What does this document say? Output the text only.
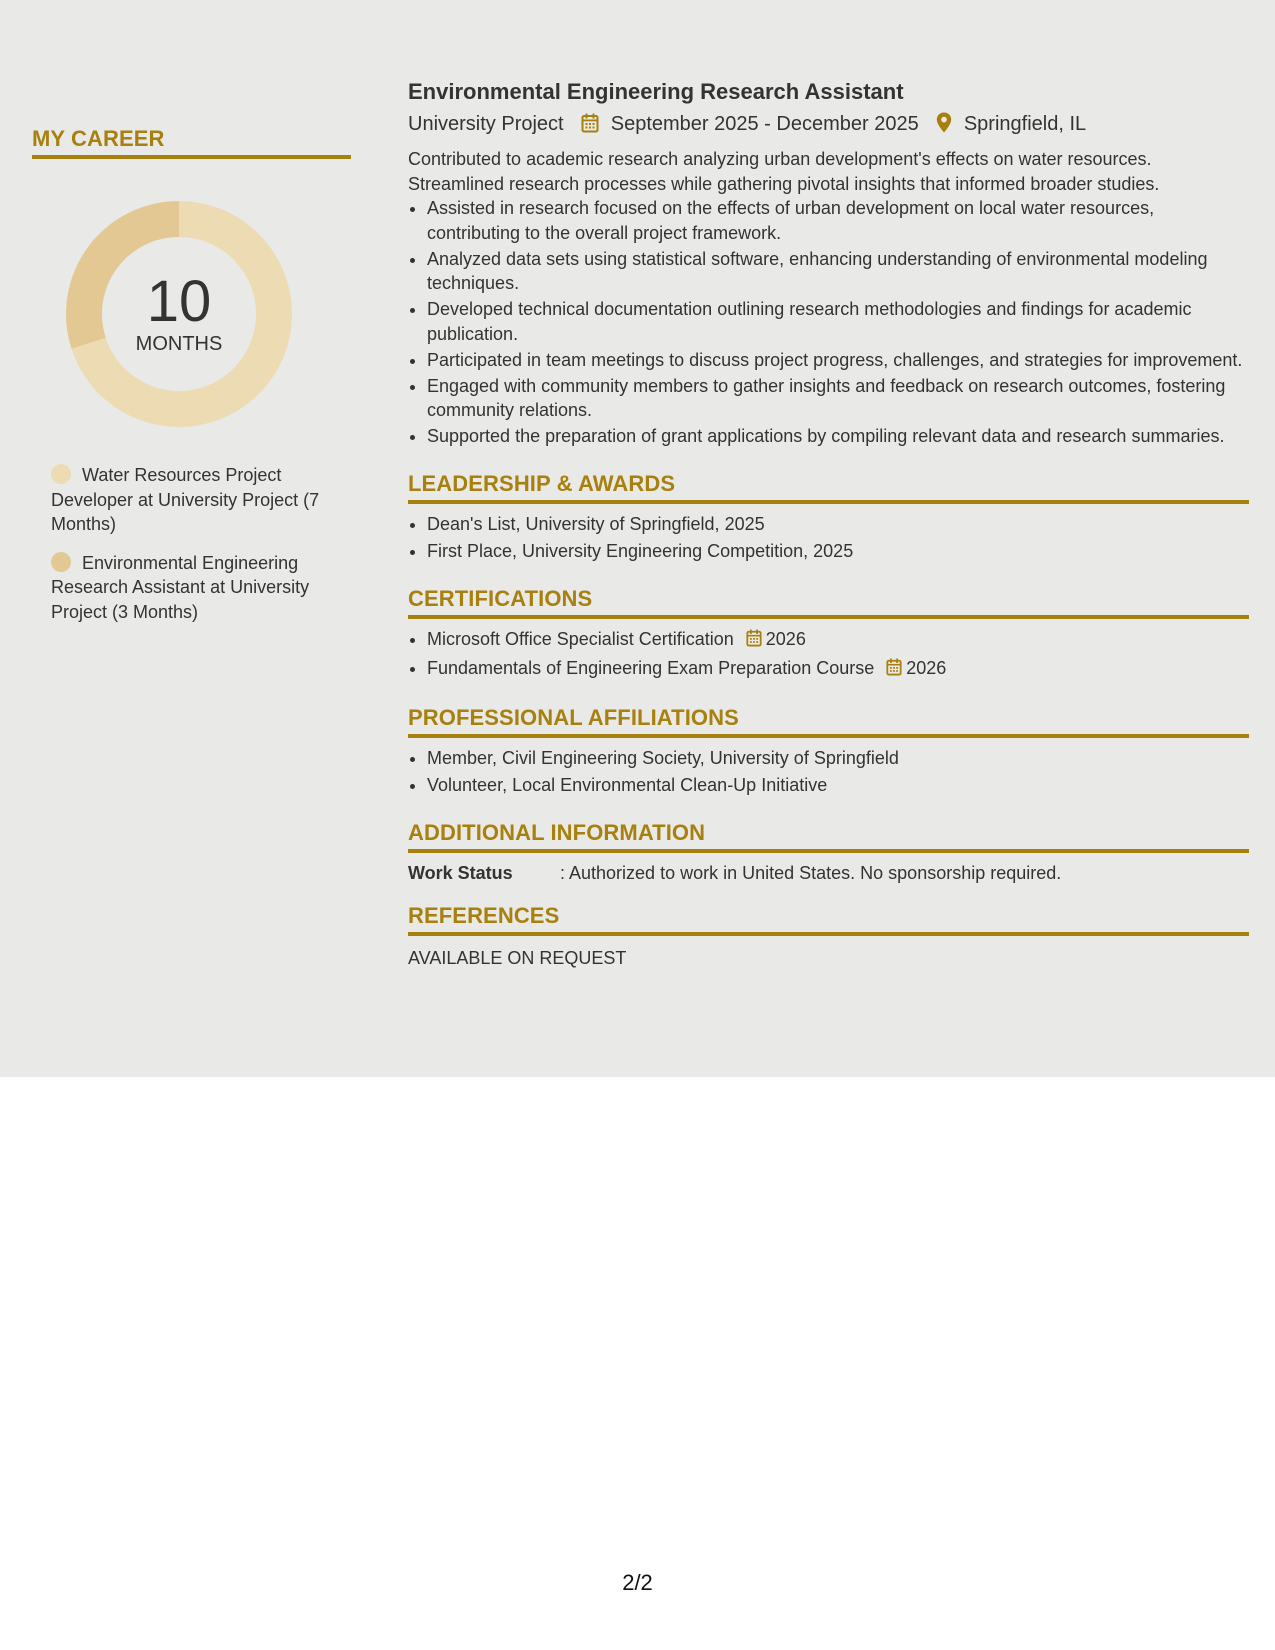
MY CAREER
10
MONTHS
Water Resources Project Developer at University Project (7 Months)
Environmental Engineering Research Assistant at University Project (3 Months)
Environmental Engineering Research Assistant
University Project September 2025 - December 2025 Springfield, IL
Contributed to academic research analyzing urban development's effects on water resources. Streamlined research processes while gathering pivotal insights that informed broader studies.
• Assisted in research focused on the effects of urban development on local water resources, contributing to the overall project framework.
• Analyzed data sets using statistical software, enhancing understanding of environmental modeling techniques.
• Developed technical documentation outlining research methodologies and findings for academic publication.
• Participated in team meetings to discuss project progress, challenges, and strategies for improvement.
• Engaged with community members to gather insights and feedback on research outcomes, fostering community relations.
• Supported the preparation of grant applications by compiling relevant data and research summaries.
LEADERSHIP & AWARDS
• Dean's List, University of Springfield, 2025
• First Place, University Engineering Competition, 2025
CERTIFICATIONS
• Microsoft Office Specialist Certification 2026
• Fundamentals of Engineering Exam Preparation Course 2026
PROFESSIONAL AFFILIATIONS
• Member, Civil Engineering Society, University of Springfield
• Volunteer, Local Environmental Clean-Up Initiative
ADDITIONAL INFORMATION
Work Status	: Authorized to work in United States. No sponsorship required.
REFERENCES
AVAILABLE ON REQUEST
2/2
